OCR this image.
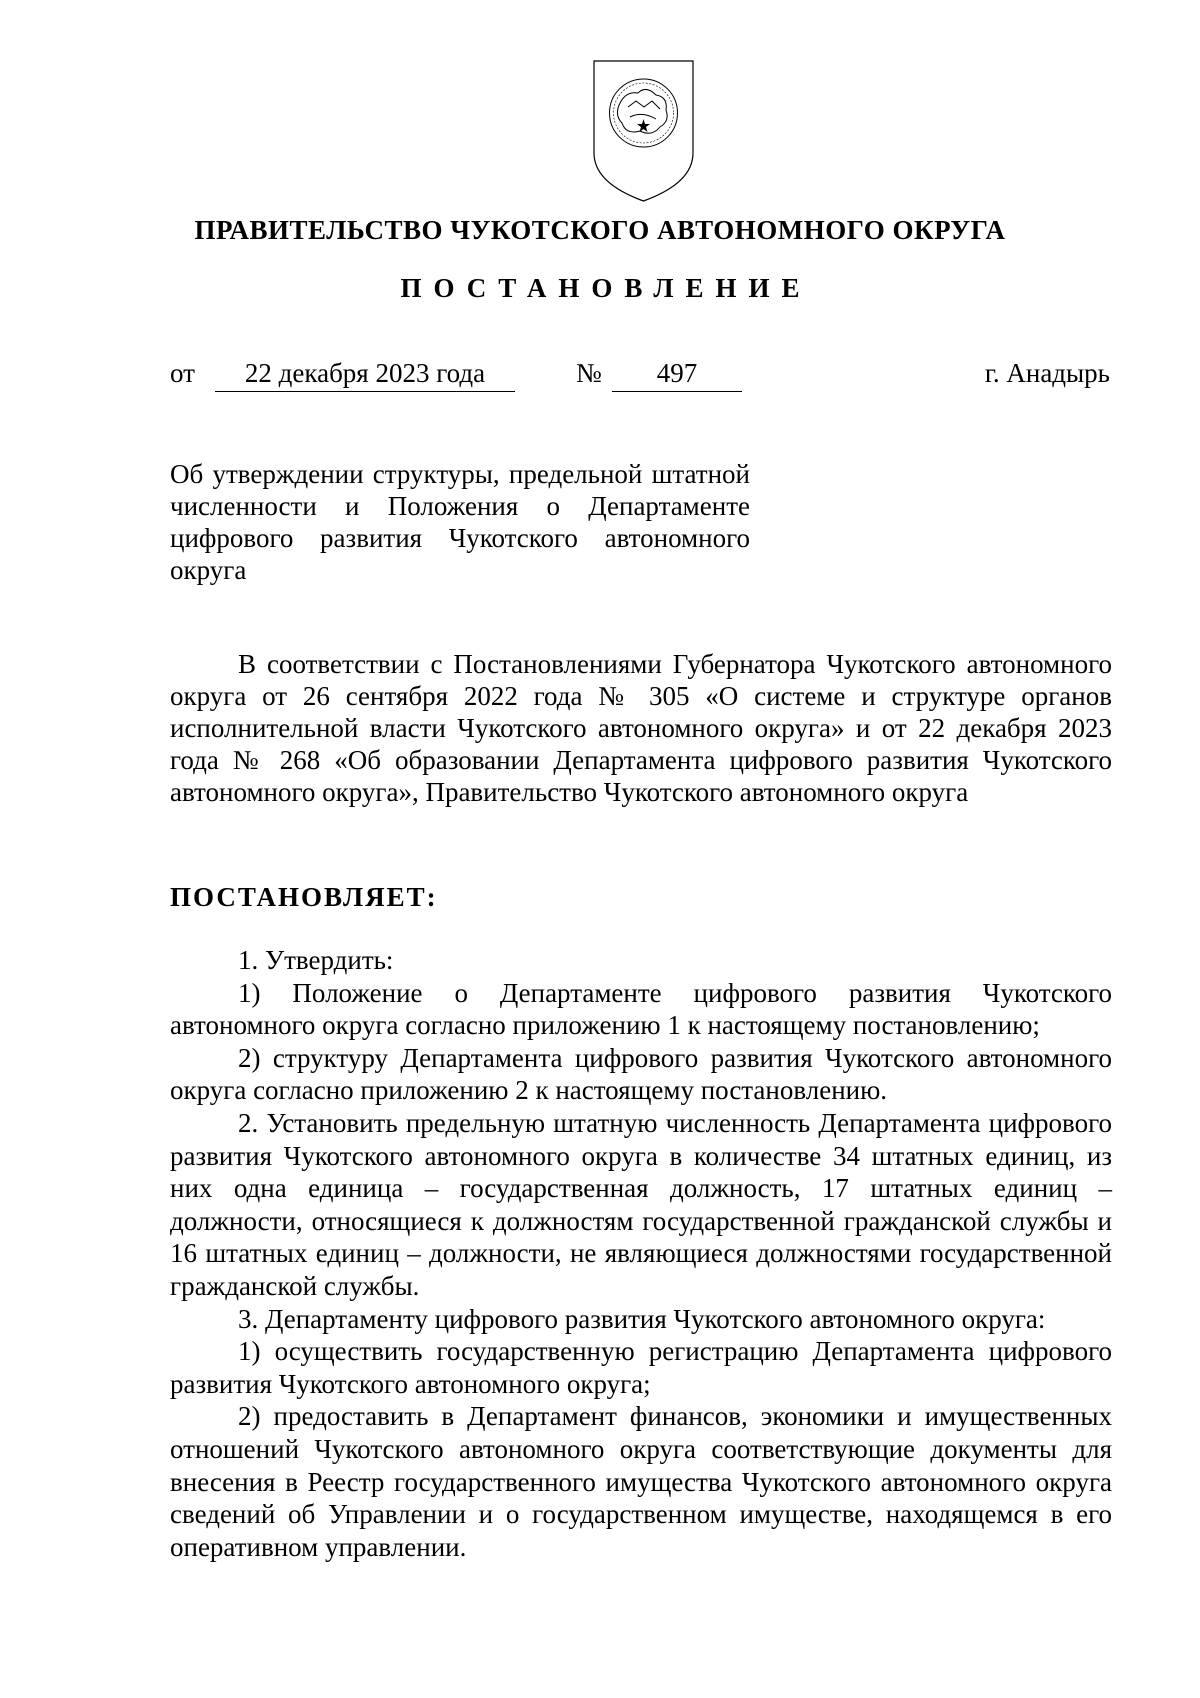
ПРАВИТЕЛЬСТВО ЧУКОТСКОГО АВТОНОМНОГО ОКРУГА
ПОСТАНОВЛЕНИЕ
от	22 декабря 2023 года	№	497	г. Анадырь
Об утверждении структуры, предельной штатной численности и Положения о Департаменте цифрового развития Чукотского автономного округа

В соответствии с Постановлениями Губернатора Чукотского автономного округа от 26 сентября 2022 года № 305 «О системе и структуре органов исполнительной власти Чукотского автономного округа» и от 22 декабря 2023 года № 268 «Об образовании Департамента цифрового развития Чукотского автономного округа», Правительство Чукотского автономного округа

ПОСТАНОВЛЯЕТ:

1. Утвердить:

1) Положение о Департаменте цифрового развития Чукотского автономного округа согласно приложению 1 к настоящему постановлению;

2) структуру Департамента цифрового развития Чукотского автономного округа согласно приложению 2 к настоящему постановлению.

2. Установить предельную штатную численность Департамента цифрового развития Чукотского автономного округа в количестве 34 штатных единиц, из них одна единица – государственная должность, 17 штатных единиц – должности, относящиеся к должностям государственной гражданской службы и 16 штатных единиц – должности, не являющиеся должностями государственной гражданской службы.

3. Департаменту цифрового развития Чукотского автономного округа:

1) осуществить государственную регистрацию Департамента цифрового развития Чукотского автономного округа;

2) предоставить в Департамент финансов, экономики и имущественных отношений Чукотского автономного округа соответствующие документы для внесения в Реестр государственного имущества Чукотского автономного округа сведений об Управлении и о государственном имуществе, находящемся в его оперативном управлении.
